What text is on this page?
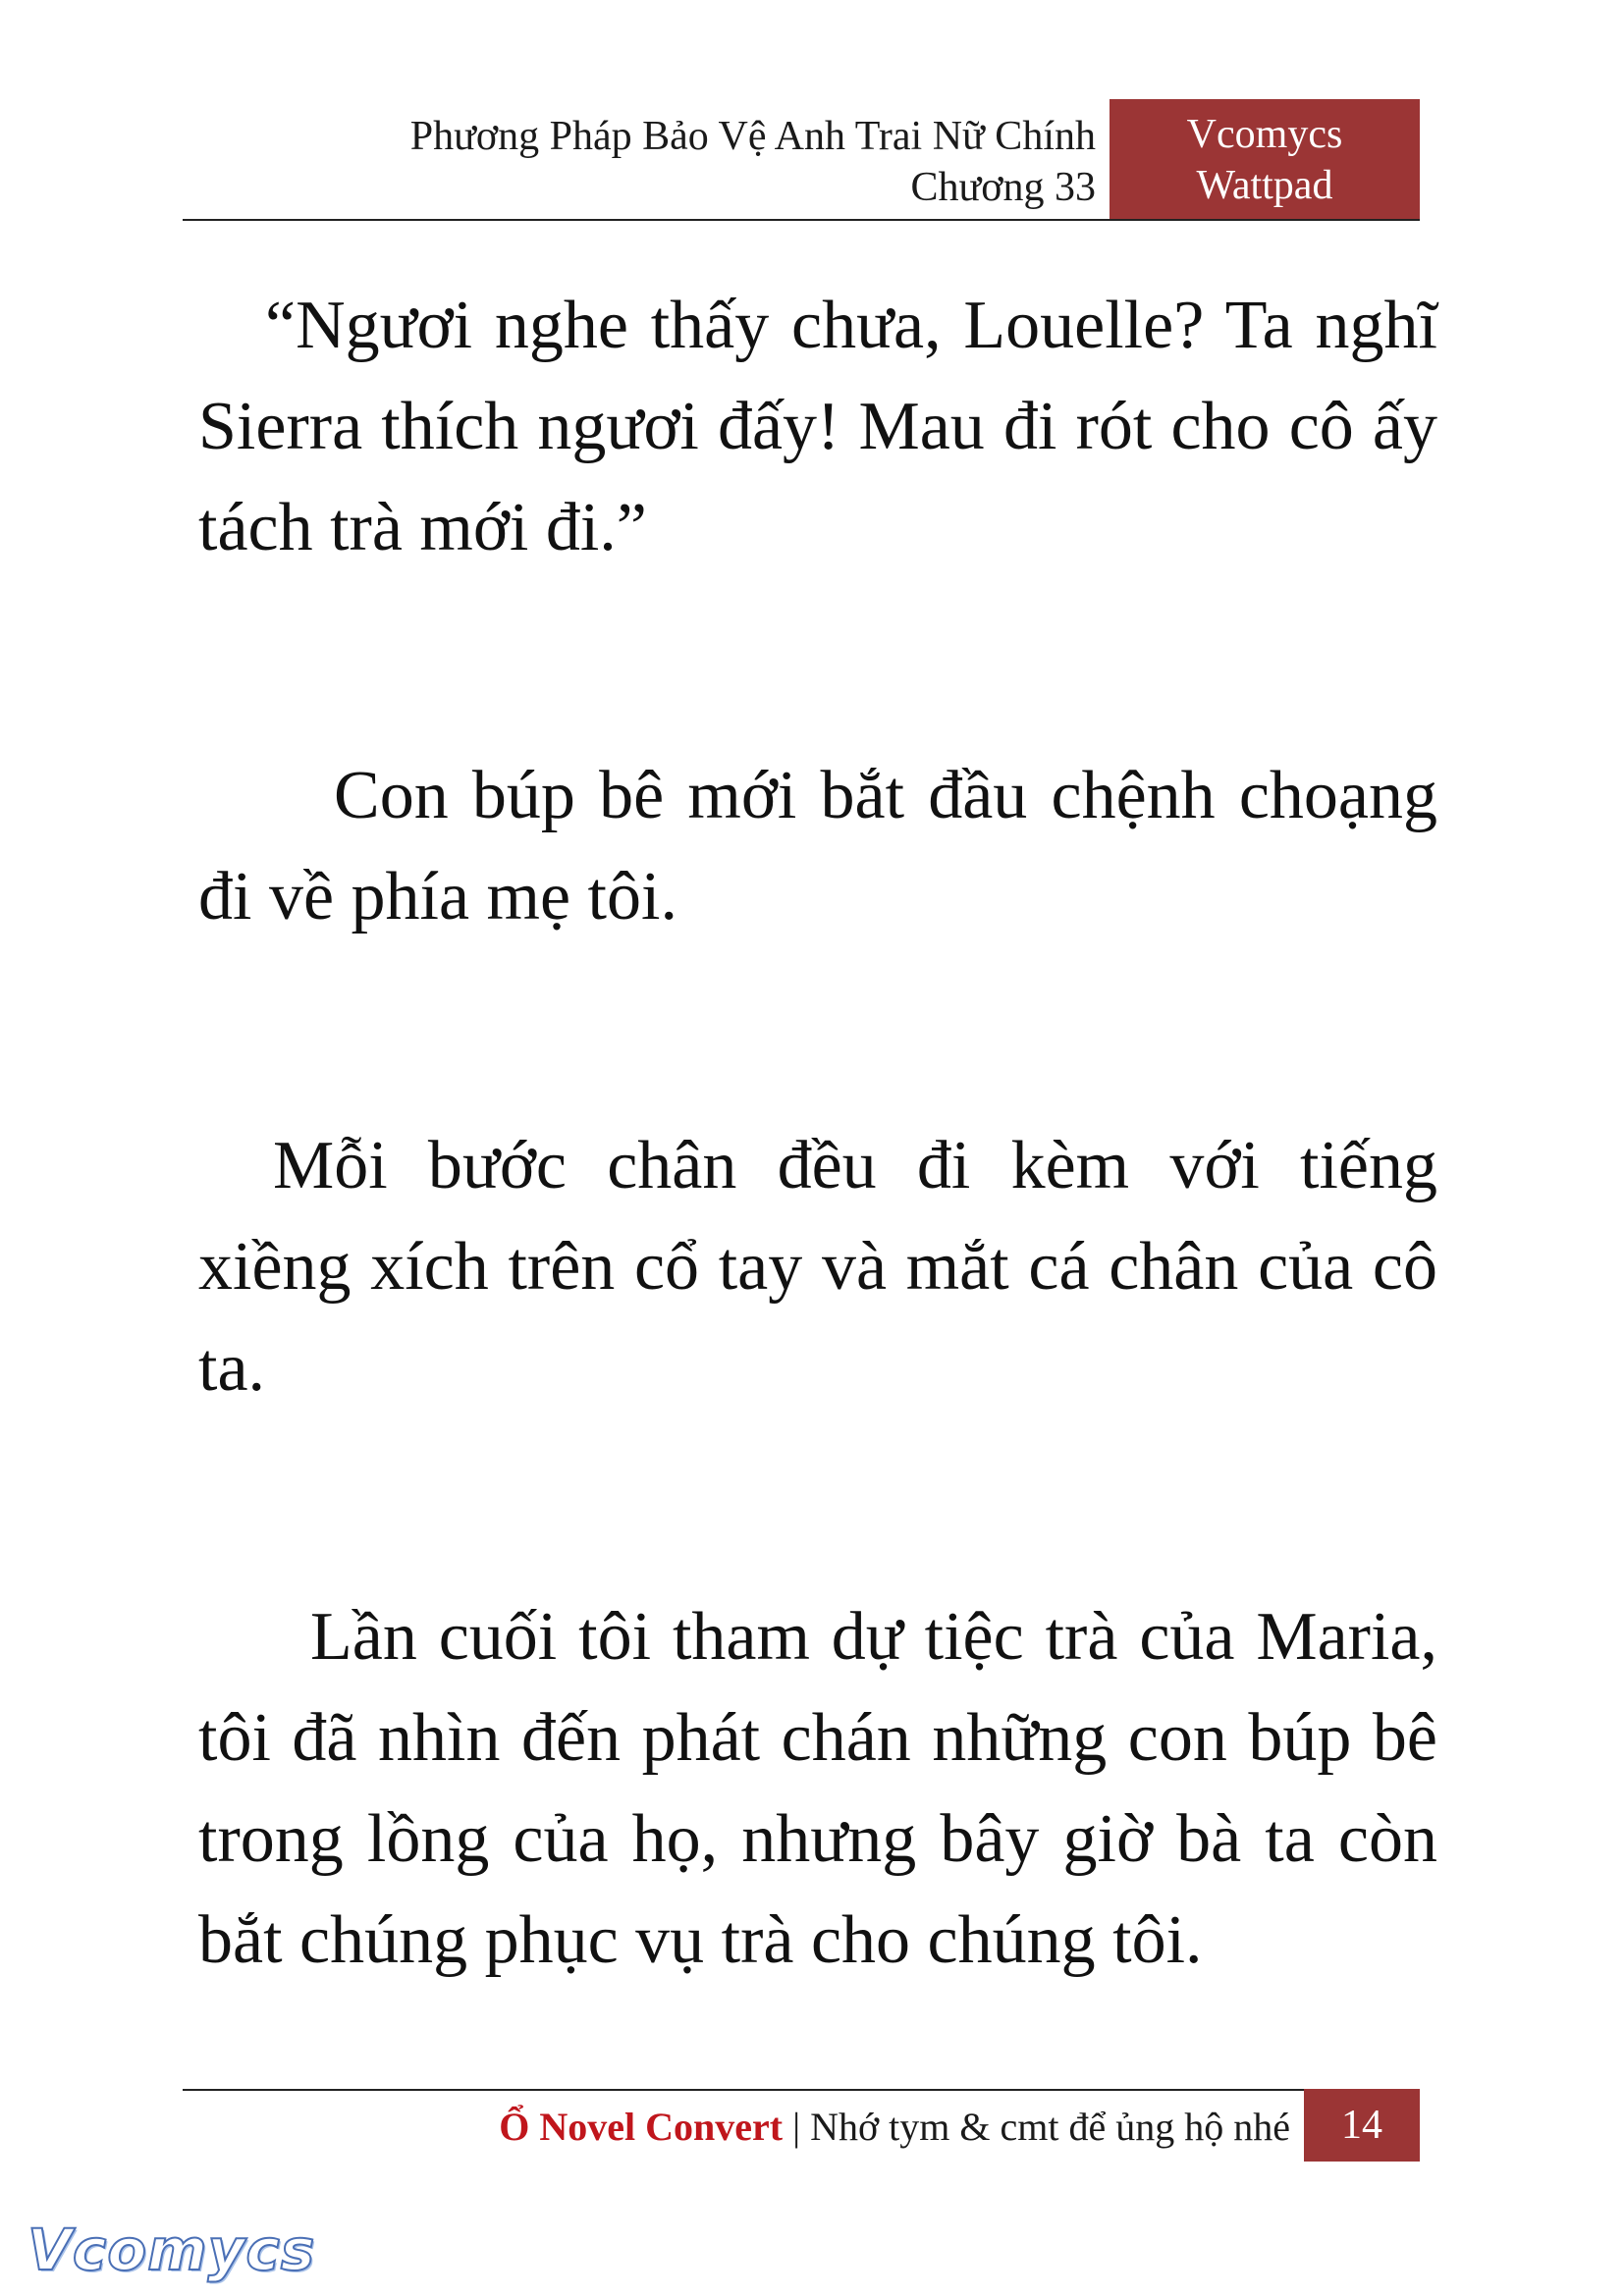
Phương Pháp Bảo Vệ Anh Trai Nữ Chính
Chương 33
Vcomycs
Wattpad

“Ngươi nghe thấy chưa, Louelle? Ta nghĩ Sierra thích ngươi đấy! Mau đi rót cho cô ấy tách trà mới đi.”

Con búp bê mới bắt đầu chệnh choạng đi về phía mẹ tôi.

Mỗi bước chân đều đi kèm với tiếng xiềng xích trên cổ tay và mắt cá chân của cô ta.

Lần cuối tôi tham dự tiệc trà của Maria, tôi đã nhìn đến phát chán những con búp bê trong lồng của họ, nhưng bây giờ bà ta còn bắt chúng phục vụ trà cho chúng tôi.

Ổ Novel Convert | Nhớ tym & cmt để ủng hộ nhé	14
Vcomycs
